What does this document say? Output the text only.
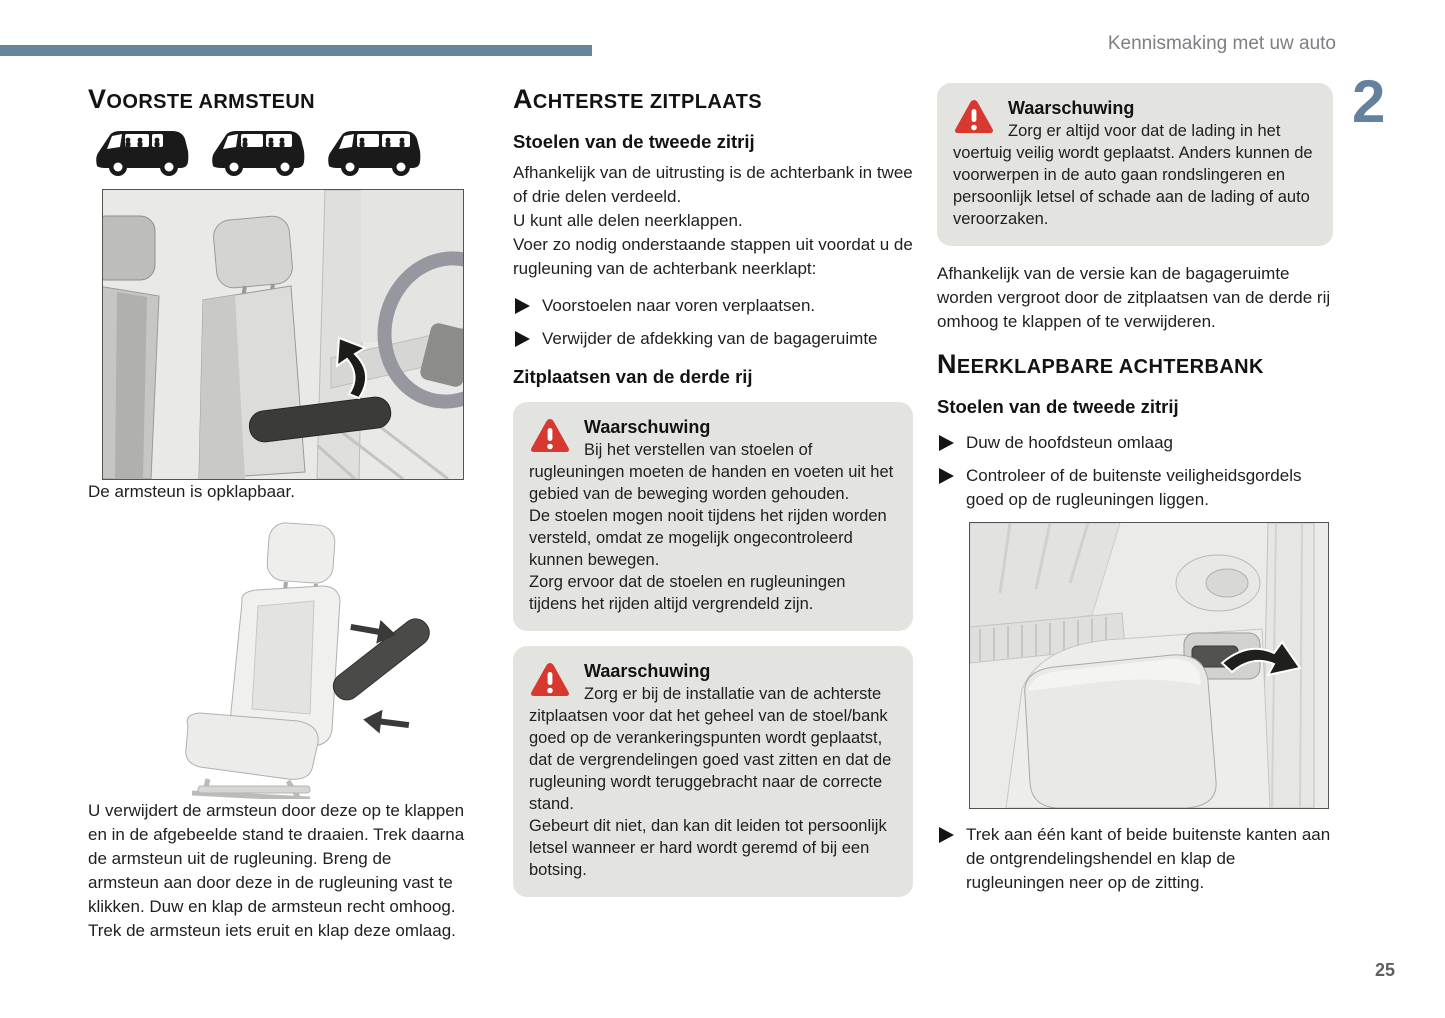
Kennismaking met uw auto
2
25
VOORSTE ARMSTEUN

De armsteun is opklapbaar.

U verwijdert de armsteun door deze op te klappen en in de afgebeelde stand te draaien. Trek daarna de armsteun uit de rugleuning. Breng de armsteun aan door deze in de rugleuning vast te klikken. Duw en klap de armsteun recht omhoog. Trek de armsteun iets eruit en klap deze omlaag.

ACHTERSTE ZITPLAATS
Stoelen van de tweede zitrij

Afhankelijk van de uitrusting is de achterbank in twee of drie delen verdeeld.

U kunt alle delen neerklappen.

Voer zo nodig onderstaande stappen uit voordat u de rugleuning van de achterbank neerklapt:

Voorstoelen naar voren verplaatsen.

Verwijder de afdekking van de bagageruimte

Zitplaatsen van de derde rij
Waarschuwing

Bij het verstellen van stoelen of rugleuningen moeten de handen en voeten uit het gebied van de beweging worden gehouden.

De stoelen mogen nooit tijdens het rijden worden versteld, omdat ze mogelijk ongecontroleerd kunnen bewegen.

Zorg ervoor dat de stoelen en rugleuningen tijdens het rijden altijd vergrendeld zijn.

Waarschuwing

Zorg er bij de installatie van de achterste zitplaatsen voor dat het geheel van de stoel/bank goed op de verankeringspunten wordt geplaatst, dat de vergrendelingen goed vast zitten en dat de rugleuning wordt teruggebracht naar de correcte stand.

Gebeurt dit niet, dan kan dit leiden tot persoonlijk letsel wanneer er hard wordt geremd of bij een botsing.

Waarschuwing

Zorg er altijd voor dat de lading in het voertuig veilig wordt geplaatst. Anders kunnen de voorwerpen in de auto gaan rondslingeren en persoonlijk letsel of schade aan de lading of auto veroorzaken.

Afhankelijk van de versie kan de bagageruimte worden vergroot door de zitplaatsen van de derde rij omhoog te klappen of te verwijderen.

NEERKLAPBARE ACHTERBANK
Stoelen van de tweede zitrij

Duw de hoofdsteun omlaag

Controleer of de buitenste veiligheidsgordels goed op de rugleuningen liggen.

Trek aan één kant of beide buitenste kanten aan de ontgrendelingshendel en klap de rugleuningen neer op de zitting.
